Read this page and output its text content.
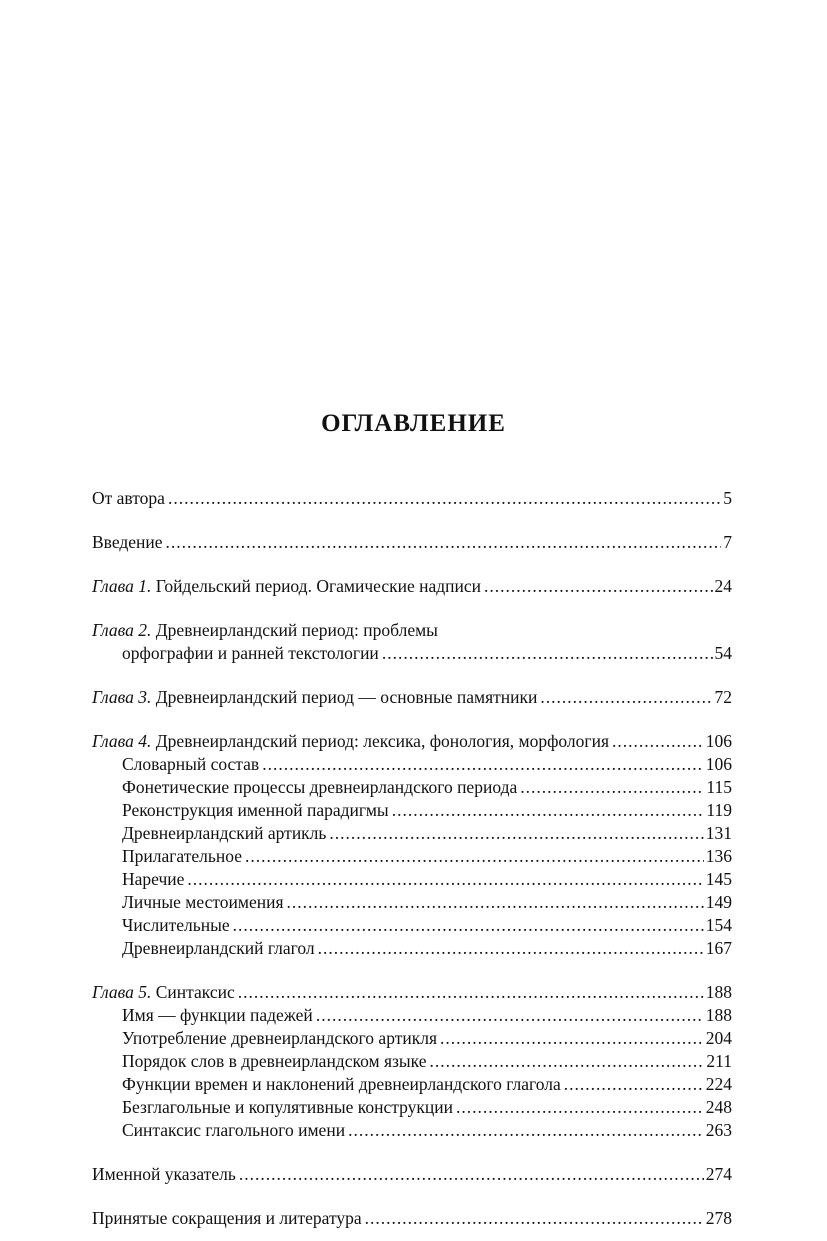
ОГЛАВЛЕНИЕ
От автора .....	5
Введение .....	7
Глава 1. Гойдельский период. Огамические надписи .....	24
Глава 2. Древнеирландский период: проблемы
орфографии и ранней текстологии .....	54
Глава 3. Древнеирландский период — основные памятники .....	72
Глава 4. Древнеирландский период: лексика, фонология, морфология .....	106
Словарный состав .....	106
Фонетические процессы древнеирландского периода .....	115
Реконструкция именной парадигмы .....	119
Древнеирландский артикль .....	131
Прилагательное .....	136
Наречие .....	145
Личные местоимения .....	149
Числительные .....	154
Древнеирландский глагол .....	167
Глава 5. Синтаксис .....	188
Имя — функции падежей .....	188
Употребление древнеирландского артикля .....	204
Порядок слов в древнеирландском языке .....	211
Функции времен и наклонений древнеирландского глагола .....	224
Безглагольные и копулятивные конструкции .....	248
Синтаксис глагольного имени .....	263
Именной указатель .....	274
Принятые сокращения и литература .....	278
